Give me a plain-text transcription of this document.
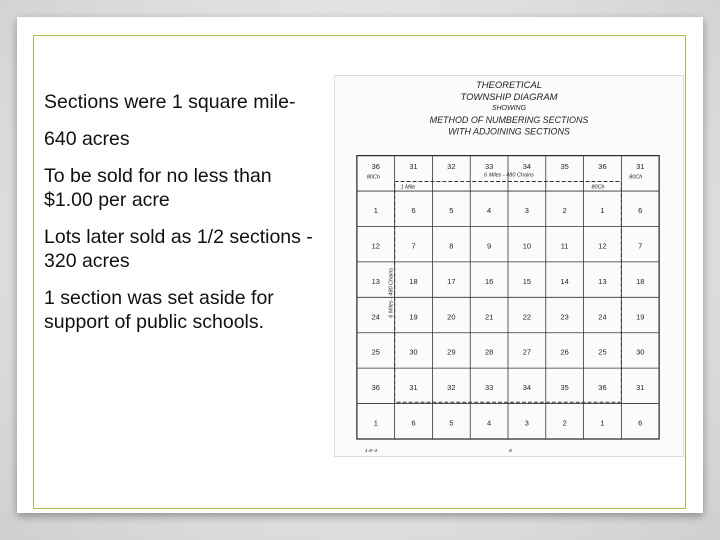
Sections were 1 square mile-

640 acres

To be sold for no less than $1.00 per acre

Lots later sold as 1/2 sections - 320 acres

1 section was set aside for support of public schools.

THEORETICAL
TOWNSHIP DIAGRAM
SHOWING
METHOD OF NUMBERING SECTIONS
WITH ADJOINING SECTIONS
36	31	32	33	34	35	36	31
1	6	5	4	3	2	1	6
12	7	8	9	10	11	12	7
13	18	17	16	15	14	13	18
24	19	20	21	22	23	24	19
25	30	29	28	27	26	25	30
36	31	32	33	34	35	36	31
1	6	5	4	3	2	1	6
80Ch	6 Miles - 480 Chains	80Ch
1 Mile	80Ch
6 Miles - 480 Chains
1-E-4	8
